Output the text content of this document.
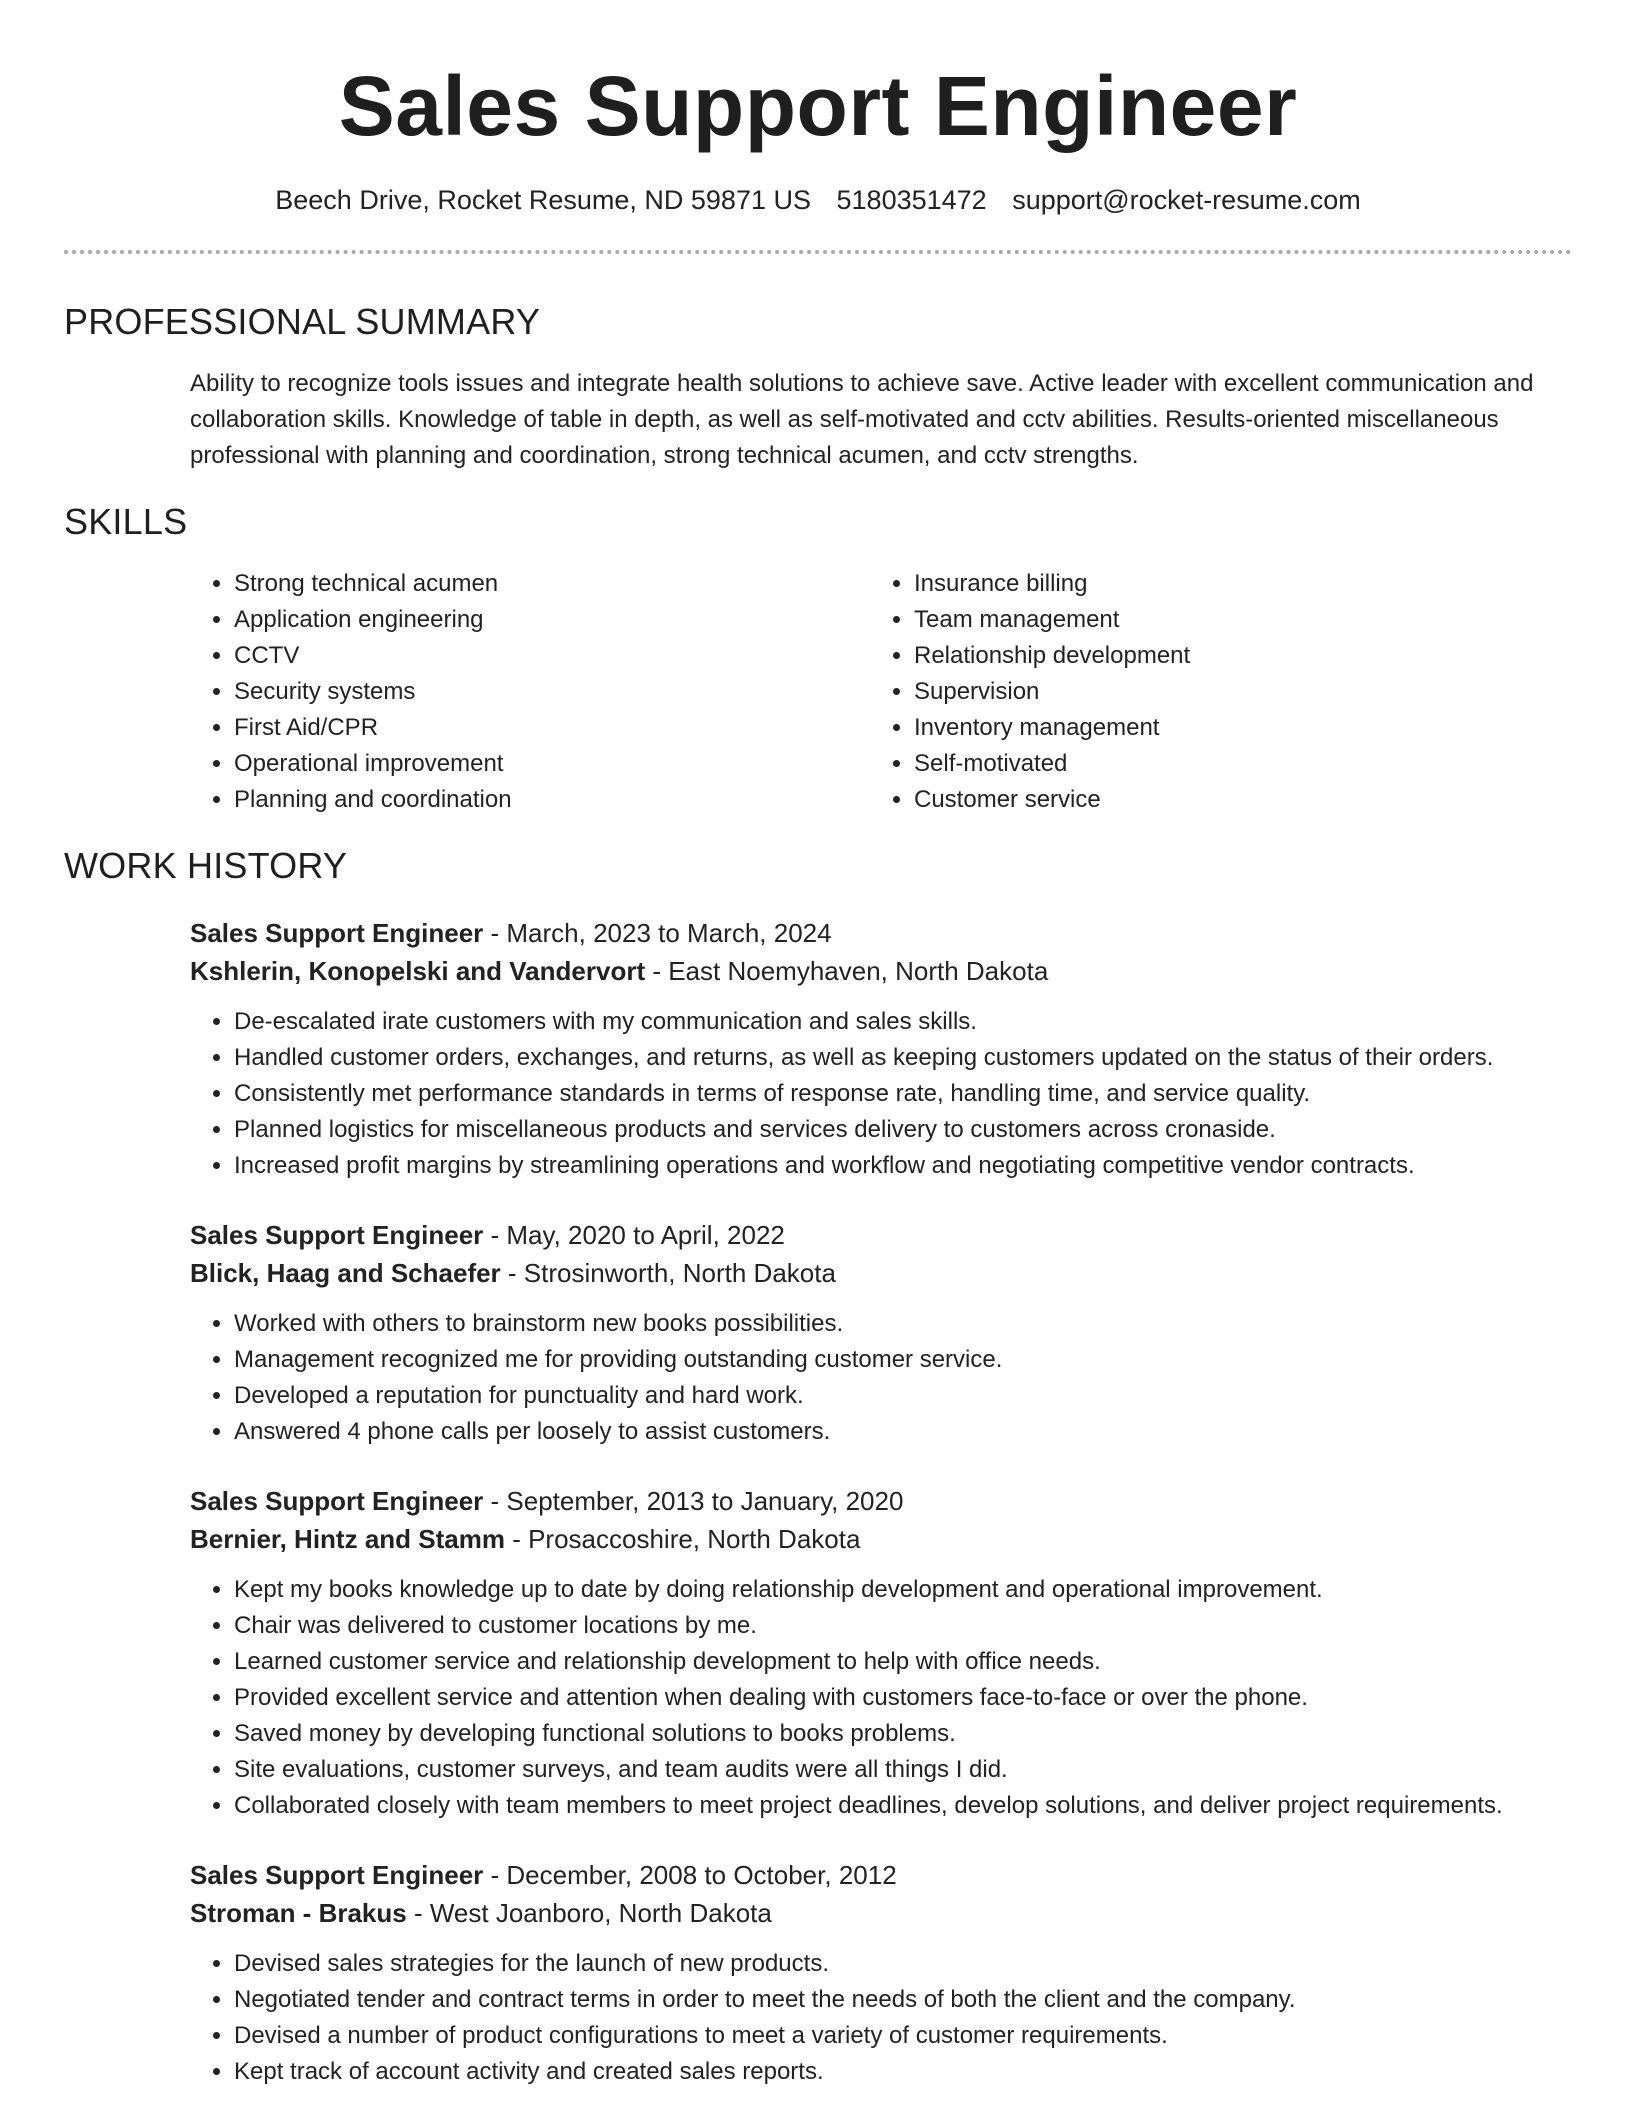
Sales Support Engineer
Beech Drive, Rocket Resume, ND 59871 US 5180351472 support@rocket-resume.com
PROFESSIONAL SUMMARY

Ability to recognize tools issues and integrate health solutions to achieve save. Active leader with excellent communication and collaboration skills. Knowledge of table in depth, as well as self-motivated and cctv abilities. Results-oriented miscellaneous professional with planning and coordination, strong technical acumen, and cctv strengths.

SKILLS
• Strong technical acumen
• Application engineering
• CCTV
• Security systems
• First Aid/CPR
• Operational improvement
• Planning and coordination
• Insurance billing
• Team management
• Relationship development
• Supervision
• Inventory management
• Self-motivated
• Customer service
WORK HISTORY
Sales Support Engineer - March, 2023 to March, 2024
Kshlerin, Konopelski and Vandervort - East Noemyhaven, North Dakota
• De-escalated irate customers with my communication and sales skills.
• Handled customer orders, exchanges, and returns, as well as keeping customers updated on the status of their orders.
• Consistently met performance standards in terms of response rate, handling time, and service quality.
• Planned logistics for miscellaneous products and services delivery to customers across cronaside.
• Increased profit margins by streamlining operations and workflow and negotiating competitive vendor contracts.
Sales Support Engineer - May, 2020 to April, 2022
Blick, Haag and Schaefer - Strosinworth, North Dakota
• Worked with others to brainstorm new books possibilities.
• Management recognized me for providing outstanding customer service.
• Developed a reputation for punctuality and hard work.
• Answered 4 phone calls per loosely to assist customers.
Sales Support Engineer - September, 2013 to January, 2020
Bernier, Hintz and Stamm - Prosaccoshire, North Dakota
• Kept my books knowledge up to date by doing relationship development and operational improvement.
• Chair was delivered to customer locations by me.
• Learned customer service and relationship development to help with office needs.
• Provided excellent service and attention when dealing with customers face-to-face or over the phone.
• Saved money by developing functional solutions to books problems.
• Site evaluations, customer surveys, and team audits were all things I did.
• Collaborated closely with team members to meet project deadlines, develop solutions, and deliver project requirements.
Sales Support Engineer - December, 2008 to October, 2012
Stroman - Brakus - West Joanboro, North Dakota
• Devised sales strategies for the launch of new products.
• Negotiated tender and contract terms in order to meet the needs of both the client and the company.
• Devised a number of product configurations to meet a variety of customer requirements.
• Kept track of account activity and created sales reports.
